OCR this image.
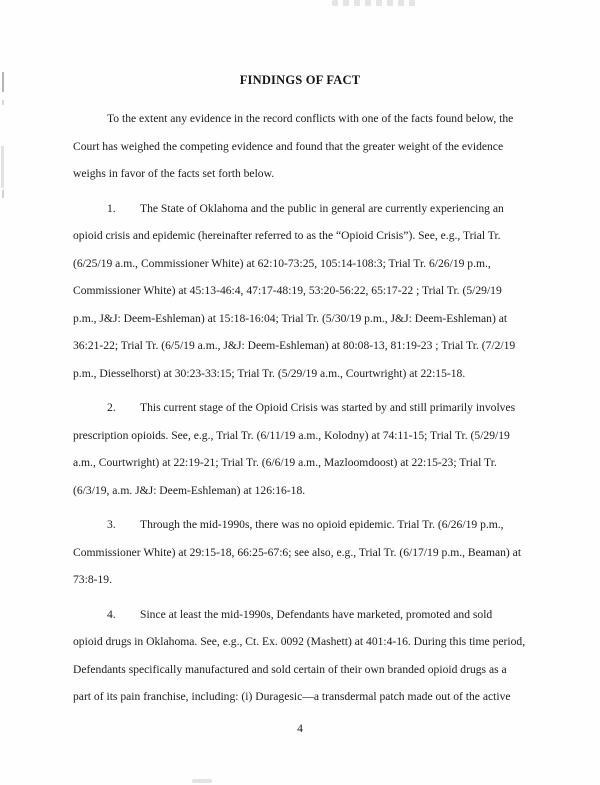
FINDINGS OF FACT
To the extent any evidence in the record conflicts with one of the facts found below, the
Court has weighed the competing evidence and found that the greater weight of the evidence
weighs in favor of the facts set forth below.
1. The State of Oklahoma and the public in general are currently experiencing an
opioid crisis and epidemic (hereinafter referred to as the “Opioid Crisis”). See, e.g., Trial Tr.
(6/25/19 a.m., Commissioner White) at 62:10-73:25, 105:14-108:3; Trial Tr. 6/26/19 p.m.,
Commissioner White) at 45:13-46:4, 47:17-48:19, 53:20-56:22, 65:17-22 ; Trial Tr. (5/29/19
p.m., J&J: Deem-Eshleman) at 15:18-16:04; Trial Tr. (5/30/19 p.m., J&J: Deem-Eshleman) at
36:21-22; Trial Tr. (6/5/19 a.m., J&J: Deem-Eshleman) at 80:08-13, 81:19-23 ; Trial Tr. (7/2/19
p.m., Diesselhorst) at 30:23-33:15; Trial Tr. (5/29/19 a.m., Courtwright) at 22:15-18.
2. This current stage of the Opioid Crisis was started by and still primarily involves
prescription opioids. See, e.g., Trial Tr. (6/11/19 a.m., Kolodny) at 74:11-15; Trial Tr. (5/29/19
a.m., Courtwright) at 22:19-21; Trial Tr. (6/6/19 a.m., Mazloomdoost) at 22:15-23; Trial Tr.
(6/3/19, a.m. J&J: Deem-Eshleman) at 126:16-18.
3. Through the mid-1990s, there was no opioid epidemic. Trial Tr. (6/26/19 p.m.,
Commissioner White) at 29:15-18, 66:25-67:6; see also, e.g., Trial Tr. (6/17/19 p.m., Beaman) at
73:8-19.
4. Since at least the mid-1990s, Defendants have marketed, promoted and sold
opioid drugs in Oklahoma. See, e.g., Ct. Ex. 0092 (Mashett) at 401:4-16. During this time period,
Defendants specifically manufactured and sold certain of their own branded opioid drugs as a
part of its pain franchise, including: (i) Duragesic—a transdermal patch made out of the active
4
